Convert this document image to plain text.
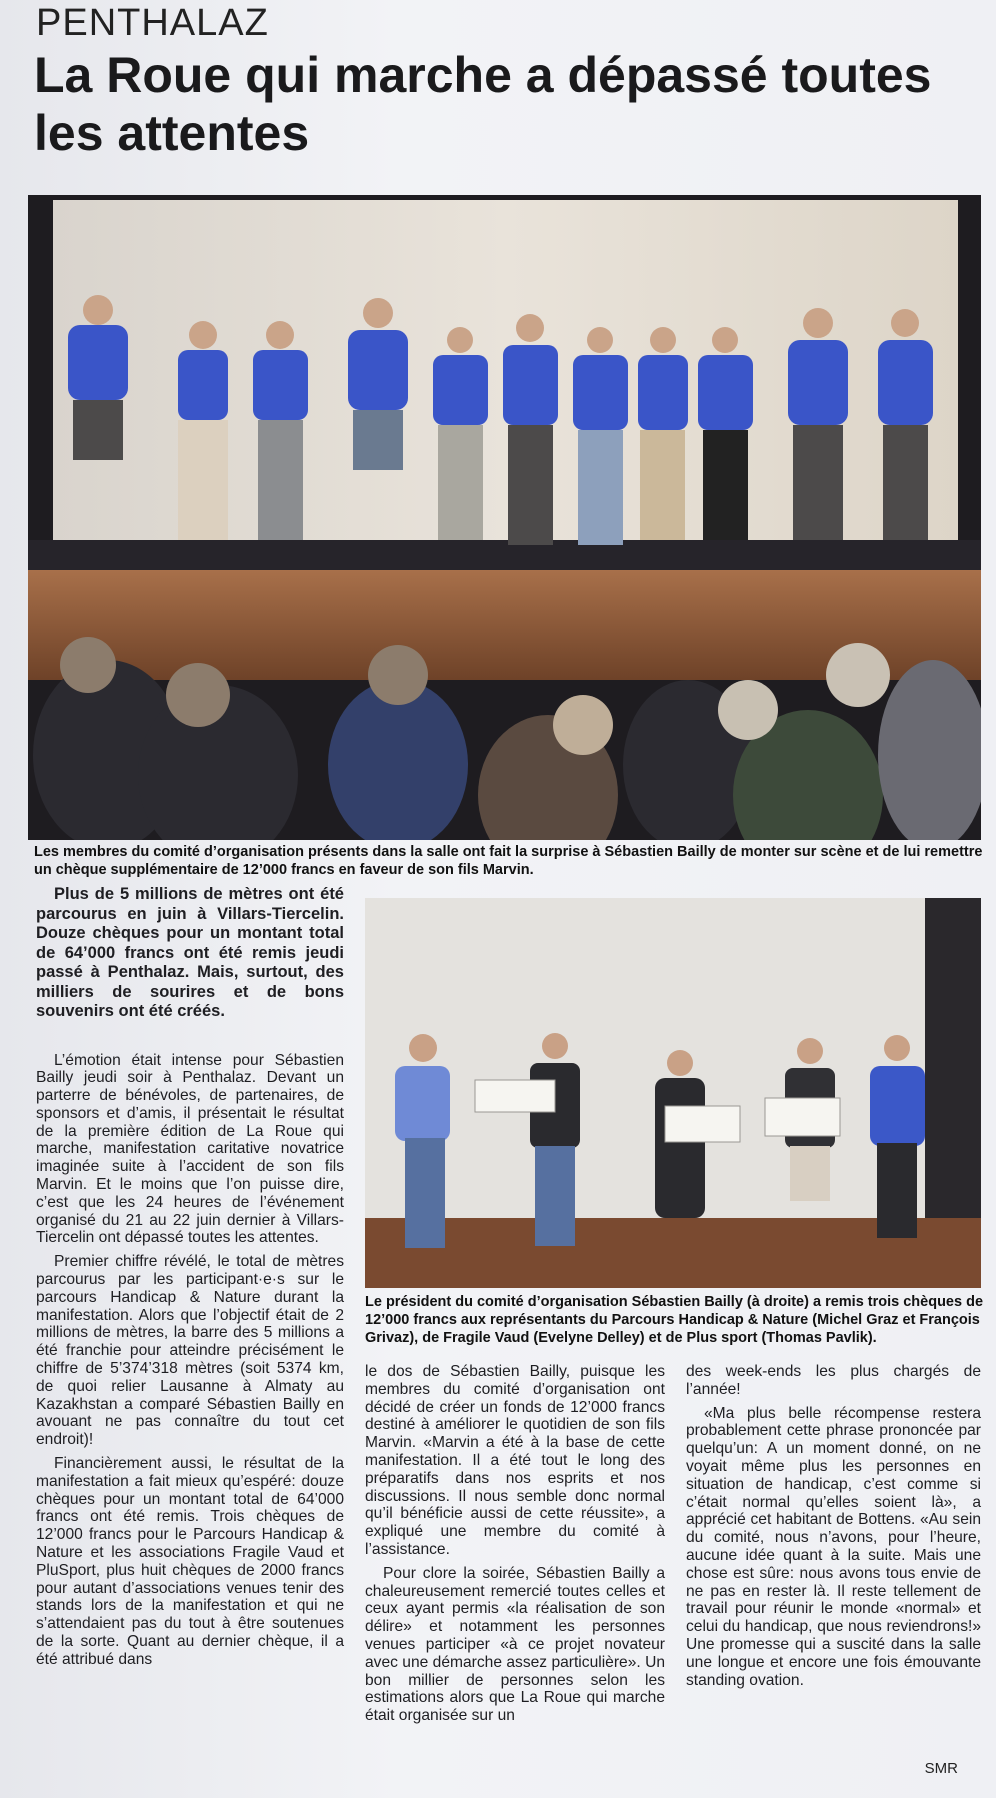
PENTHALAZ
La Roue qui marche a dépassé toutes les attentes
Les membres du comité d’organisation présents dans la salle ont fait la surprise à Sébastien Bailly de monter sur scène et de lui remettre un chèque supplémentaire de 12’000 francs en faveur de son fils Marvin.
Le président du comité d’organisation Sébastien Bailly (à droite) a remis trois chèques de 12’000 francs aux représentants du Parcours Handicap & Nature (Michel Graz et François Grivaz), de Fragile Vaud (Evelyne Delley) et de Plus sport (Thomas Pavlik).

Plus de 5 millions de mètres ont été parcourus en juin à Villars-Tiercelin. Douze chèques pour un montant total de 64’000 francs ont été remis jeudi passé à Penthalaz. Mais, surtout, des milliers de sourires et de bons souvenirs ont été créés.

L’émotion était intense pour Sébastien Bailly jeudi soir à Penthalaz. Devant un parterre de bénévoles, de partenaires, de sponsors et d’amis, il présentait le résultat de la première édition de La Roue qui marche, manifestation caritative novatrice imaginée suite à l’accident de son fils Marvin. Et le moins que l’on puisse dire, c’est que les 24 heures de l’événement organisé du 21 au 22 juin dernier à Villars-Tiercelin ont dépassé toutes les attentes.

Premier chiffre révélé, le total de mètres parcourus par les participant·e·s sur le parcours Handicap & Nature durant la manifestation. Alors que l’objectif était de 2 millions de mètres, la barre des 5 millions a été franchie pour atteindre précisément le chiffre de 5’374’318 mètres (soit 5374 km, de quoi relier Lausanne à Almaty au Kazakhstan a comparé Sébastien Bailly en avouant ne pas connaître du tout cet endroit)!

Financièrement aussi, le résultat de la manifestation a fait mieux qu’espéré: douze chèques pour un montant total de 64’000 francs ont été remis. Trois chèques de 12’000 francs pour le Parcours Handicap & Nature et les associations Fragile Vaud et PluSport, plus huit chèques de 2000 francs pour autant d’associations venues tenir des stands lors de la manifestation et qui ne s’attendaient pas du tout à être soutenues de la sorte. Quant au dernier chèque, il a été attribué dans

le dos de Sébastien Bailly, puisque les membres du comité d’organisation ont décidé de créer un fonds de 12’000 francs destiné à améliorer le quotidien de son fils Marvin. «Marvin a été à la base de cette manifestation. Il a été tout le long des préparatifs dans nos esprits et nos discussions. Il nous semble donc normal qu’il bénéficie aussi de cette réussite», a expliqué une membre du comité à l’assistance.

Pour clore la soirée, Sébastien Bailly a chaleureusement remercié toutes celles et ceux ayant permis «la réalisation de son délire» et notamment les personnes venues participer «à ce projet novateur avec une démarche assez particulière». Un bon millier de personnes selon les estimations alors que La Roue qui marche était organisée sur un

des week-ends les plus chargés de l’année!

«Ma plus belle récompense restera probablement cette phrase prononcée par quelqu’un: A un moment donné, on ne voyait même plus les personnes en situation de handicap, c’est comme si c’était normal qu’elles soient là», a apprécié cet habitant de Bottens. «Au sein du comité, nous n’avons, pour l’heure, aucune idée quant à la suite. Mais une chose est sûre: nous avons tous envie de ne pas en rester là. Il reste tellement de travail pour réunir le monde «normal» et celui du handicap, que nous reviendrons!» Une promesse qui a suscité dans la salle une longue et encore une fois émouvante standing ovation.

SMR
